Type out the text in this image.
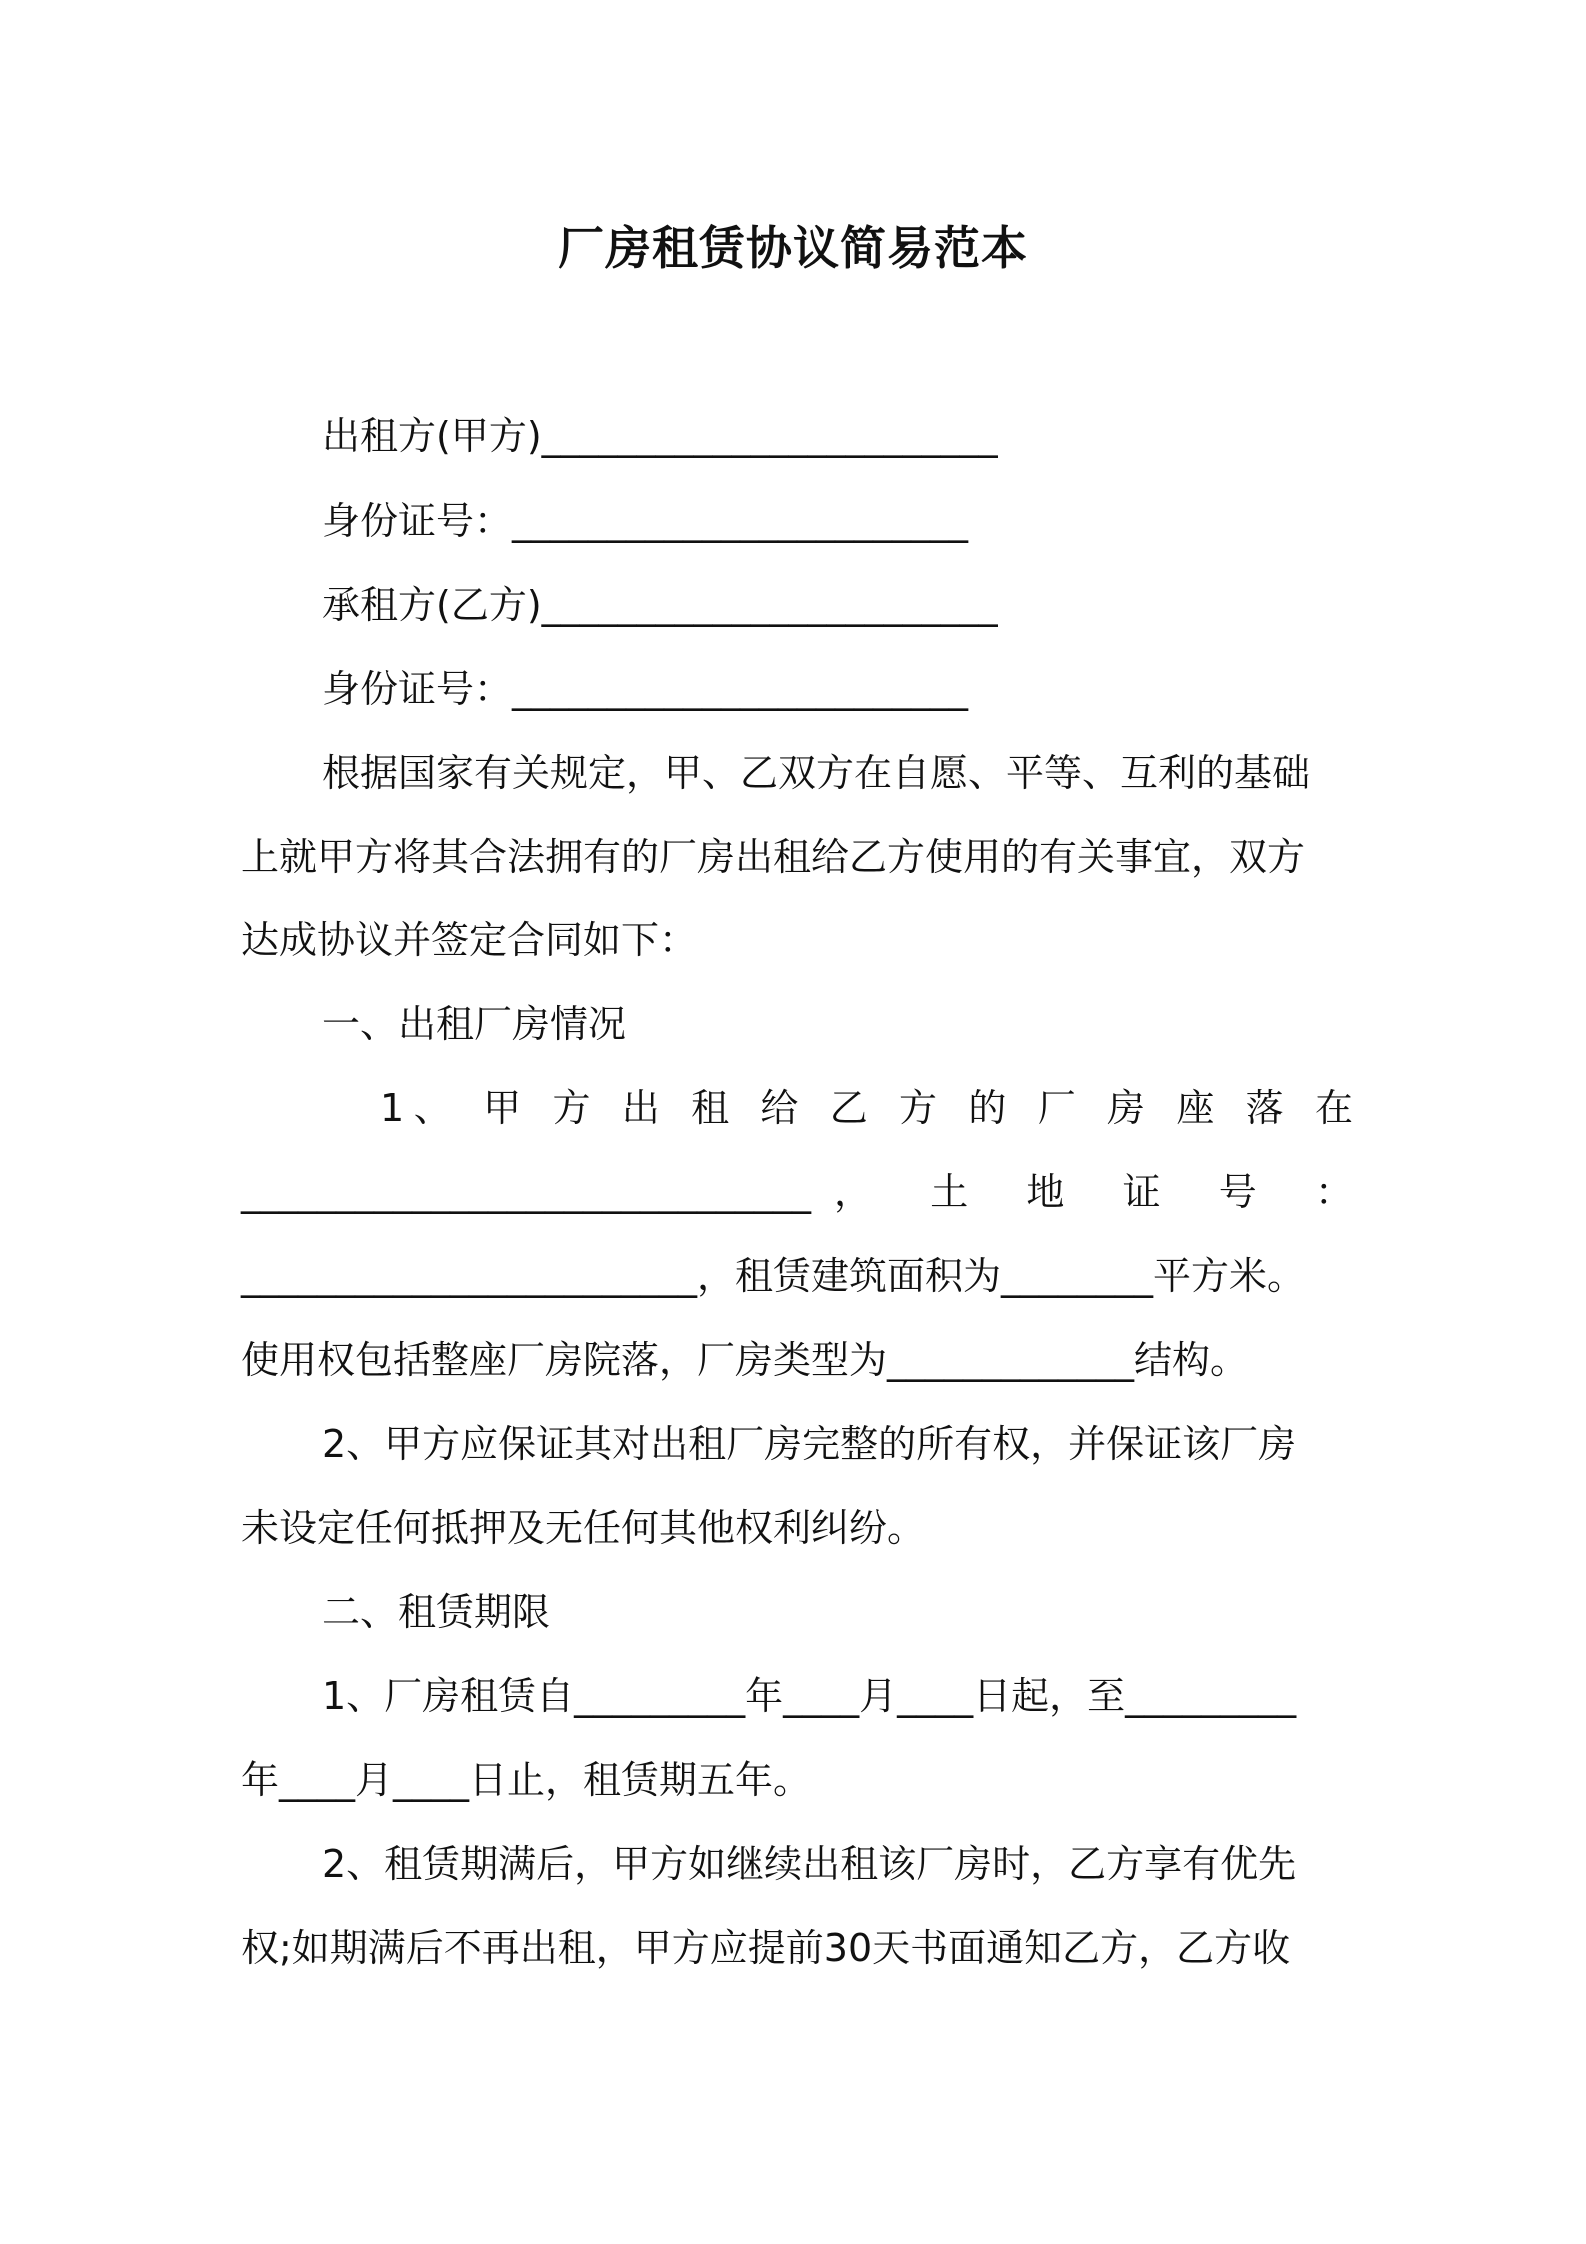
厂房租赁协议简易范本
出租方(甲方)________________________
身份证号：________________________
承租方(乙方)________________________
身份证号：________________________
根据国家有关规定，甲、乙双方在自愿、平等、互利的基础
上就甲方将其合法拥有的厂房出租给乙方使用的有关事宜，双方
达成协议并签定合同如下：
一、出租厂房情况
1、 甲 方 出 租 给 乙 方 的 厂 房 座 落 在
______________________________， 土 地 证 号 ：
________________________，租赁建筑面积为________平方米。
使用权包括整座厂房院落，厂房类型为_____________结构。
2、甲方应保证其对出租厂房完整的所有权，并保证该厂房
未设定任何抵押及无任何其他权利纠纷。
二、租赁期限
1、厂房租赁自_________年____月____日起，至_________
年____月____日止，租赁期五年。
2、租赁期满后，甲方如继续出租该厂房时，乙方享有优先
权;如期满后不再出租，甲方应提前30天书面通知乙方，乙方收
